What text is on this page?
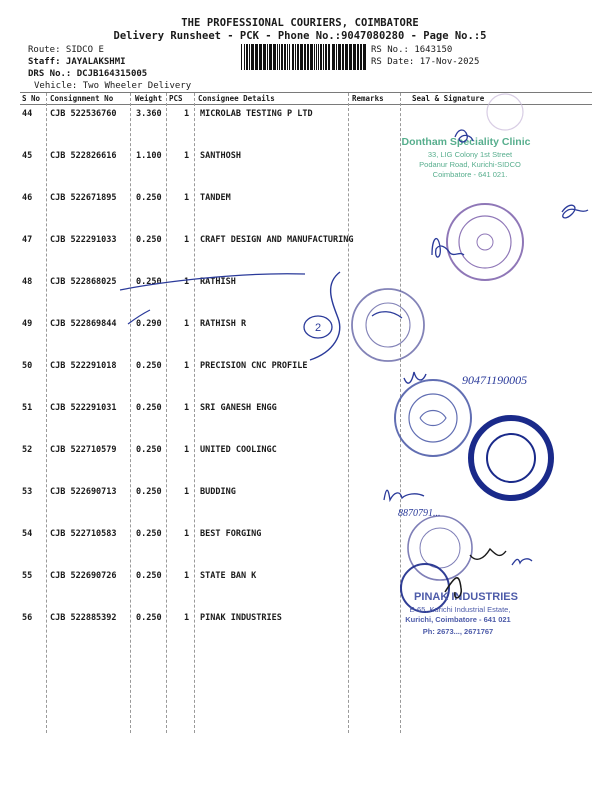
THE PROFESSIONAL COURIERS, COIMBATORE
Delivery Runsheet - PCK - Phone No.:9047080280 - Page No.:5
Route: SIDCO E
Staff: JAYALAKSHMI
DRS No.: DCJB164315005
Vehicle: Two Wheeler Delivery
RS No.: 1643150
RS Date: 17-Nov-2025
S No Consignment No	Weight PCS Consignee Details	Remarks	Seal & Signature
44 CJB 522536760 3.360	1 MICROLAB TESTING P LTD
45 CJB 522826616 1.100	1 SANTHOSH
46 CJB 522671895 0.250	1 TANDEM
47 CJB 522291033 0.250	1 CRAFT DESIGN AND MANUFACTURING
48 CJB 522868025 0.250	1 RATHISH
49 CJB 522869844 0.290	1 RATHISH R
50 CJB 522291018 0.250	1 PRECISION CNC PROFILE
51 CJB 522291031 0.250	1 SRI GANESH ENGG
52 CJB 522710579 0.250	1 UNITED COOLINGC
53 CJB 522690713 0.250	1 BUDDING
54 CJB 522710583 0.250	1 BEST FORGING
55 CJB 522690726 0.250	1 STATE BAN K
56 CJB 522885392 0.250	1 PINAK INDUSTRIES
Dontham Speciality Clinic
33, LIG Colony 1st Street
Podanur Road, Kurichi-SIDCO
Coimbatore - 641 021.
2
90471190005
8870791...
PINAK INDUSTRIES
E-65, Kurichi Industrial Estate,
Kurichi, Coimbatore - 641 021
Ph: 2673..., 2671767
